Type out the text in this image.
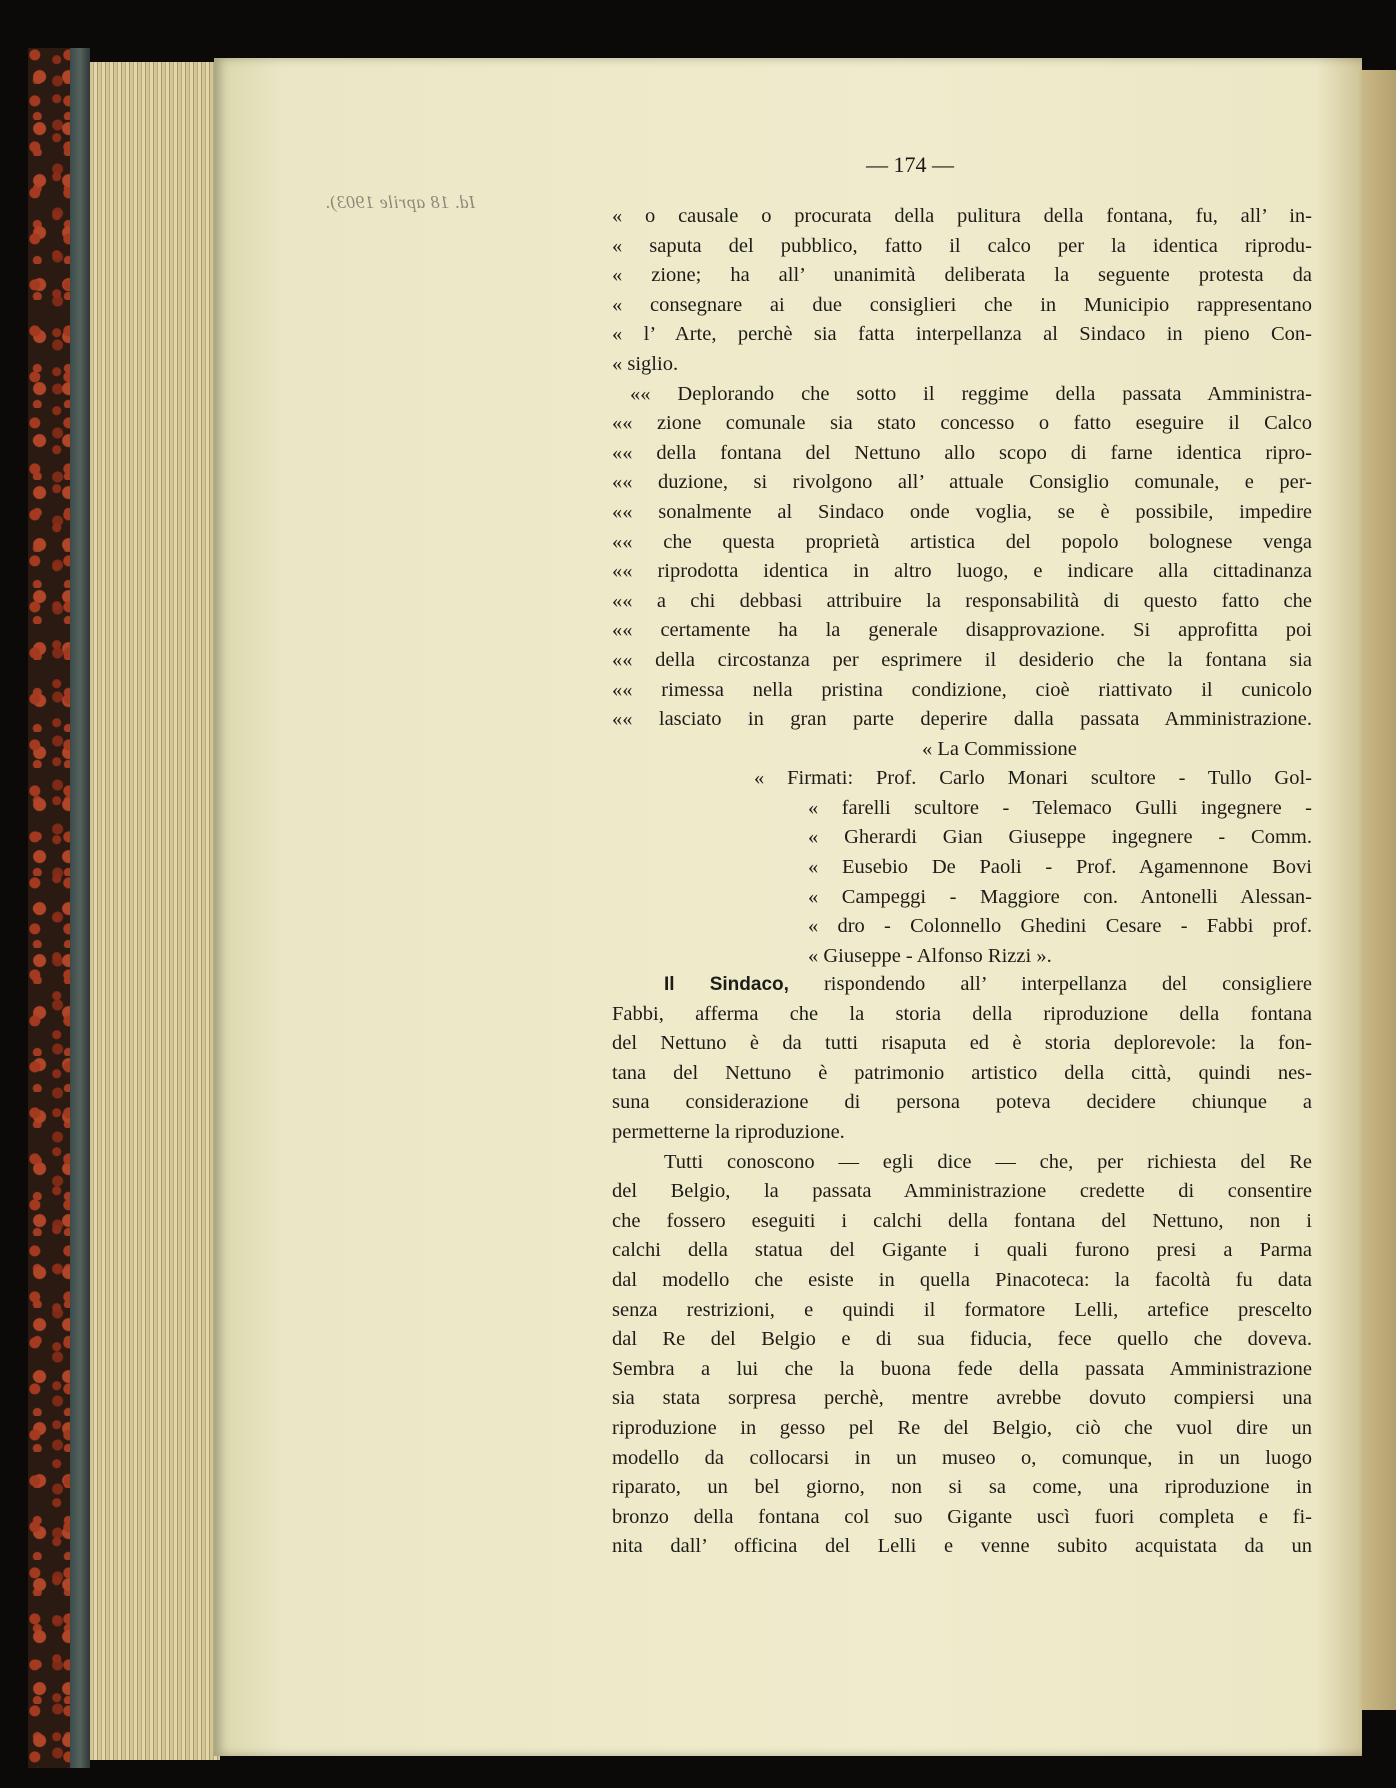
Id. 18 aprile 1903).
— 174 —
« o causale o procurata della pulitura della fontana, fu, all’ in-
« saputa del pubblico, fatto il calco per la identica riprodu-
« zione; ha all’ unanimità deliberata la seguente protesta da
« consegnare ai due consiglieri che in Municipio rappresentano
« l’ Arte, perchè sia fatta interpellanza al Sindaco in pieno Con-
« siglio.
«« Deplorando che sotto il reggime della passata Amministra-
«« zione comunale sia stato concesso o fatto eseguire il Calco
«« della fontana del Nettuno allo scopo di farne identica ripro-
«« duzione, si rivolgono all’ attuale Consiglio comunale, e per-
«« sonalmente al Sindaco onde voglia, se è possibile, impedire
«« che questa proprietà artistica del popolo bolognese venga
«« riprodotta identica in altro luogo, e indicare alla cittadinanza
«« a chi debbasi attribuire la responsabilità di questo fatto che
«« certamente ha la generale disapprovazione. Si approfitta poi
«« della circostanza per esprimere il desiderio che la fontana sia
«« rimessa nella pristina condizione, cioè riattivato il cunicolo
«« lasciato in gran parte deperire dalla passata Amministrazione.
« La Commissione
« Firmati: Prof. Carlo Monari scultore - Tullo Gol-
« farelli scultore - Telemaco Gulli ingegnere -
« Gherardi Gian Giuseppe ingegnere - Comm.
« Eusebio De Paoli - Prof. Agamennone Bovi
« Campeggi - Maggiore con. Antonelli Alessan-
« dro - Colonnello Ghedini Cesare - Fabbi prof.
« Giuseppe - Alfonso Rizzi ».
Il Sindaco, rispondendo all’ interpellanza del consigliere
Fabbi, afferma che la storia della riproduzione della fontana
del Nettuno è da tutti risaputa ed è storia deplorevole: la fon-
tana del Nettuno è patrimonio artistico della città, quindi nes-
suna considerazione di persona poteva decidere chiunque a
permetterne la riproduzione.
Tutti conoscono — egli dice — che, per richiesta del Re
del Belgio, la passata Amministrazione credette di consentire
che fossero eseguiti i calchi della fontana del Nettuno, non i
calchi della statua del Gigante i quali furono presi a Parma
dal modello che esiste in quella Pinacoteca: la facoltà fu data
senza restrizioni, e quindi il formatore Lelli, artefice prescelto
dal Re del Belgio e di sua fiducia, fece quello che doveva.
Sembra a lui che la buona fede della passata Amministrazione
sia stata sorpresa perchè, mentre avrebbe dovuto compiersi una
riproduzione in gesso pel Re del Belgio, ciò che vuol dire un
modello da collocarsi in un museo o, comunque, in un luogo
riparato, un bel giorno, non si sa come, una riproduzione in
bronzo della fontana col suo Gigante uscì fuori completa e fi-
nita dall’ officina del Lelli e venne subito acquistata da un
